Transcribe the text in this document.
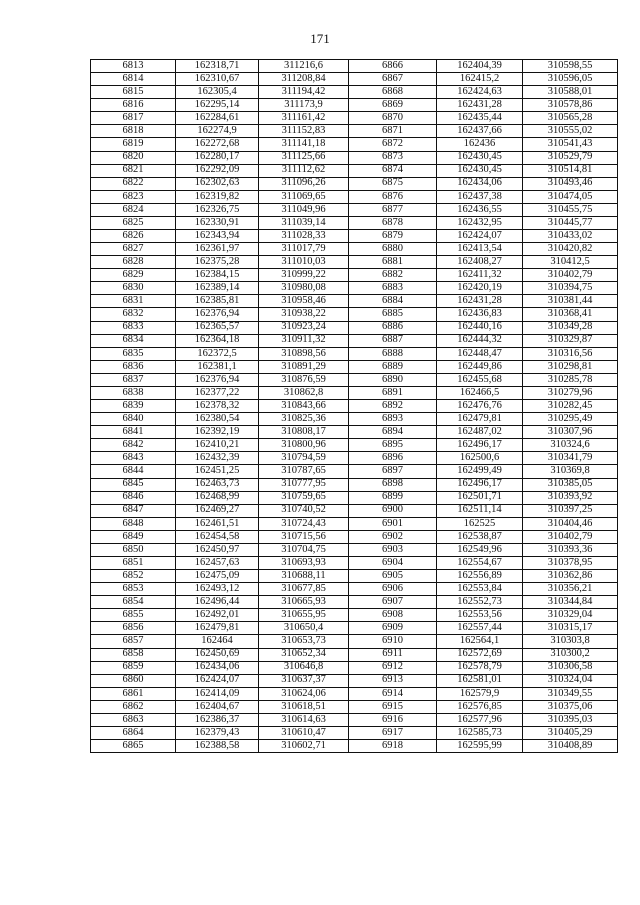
171
6813	162318,71	311216,6	6866	162404,39	310598,55
6814	162310,67	311208,84	6867	162415,2	310596,05
6815	162305,4	311194,42	6868	162424,63	310588,01
6816	162295,14	311173,9	6869	162431,28	310578,86
6817	162284,61	311161,42	6870	162435,44	310565,28
6818	162274,9	311152,83	6871	162437,66	310555,02
6819	162272,68	311141,18	6872	162436	310541,43
6820	162280,17	311125,66	6873	162430,45	310529,79
6821	162292,09	311112,62	6874	162430,45	310514,81
6822	162302,63	311096,26	6875	162434,06	310493,46
6823	162319,82	311069,65	6876	162437,38	310474,05
6824	162326,75	311049,96	6877	162436,55	310455,75
6825	162330,91	311039,14	6878	162432,95	310445,77
6826	162343,94	311028,33	6879	162424,07	310433,02
6827	162361,97	311017,79	6880	162413,54	310420,82
6828	162375,28	311010,03	6881	162408,27	310412,5
6829	162384,15	310999,22	6882	162411,32	310402,79
6830	162389,14	310980,08	6883	162420,19	310394,75
6831	162385,81	310958,46	6884	162431,28	310381,44
6832	162376,94	310938,22	6885	162436,83	310368,41
6833	162365,57	310923,24	6886	162440,16	310349,28
6834	162364,18	310911,32	6887	162444,32	310329,87
6835	162372,5	310898,56	6888	162448,47	310316,56
6836	162381,1	310891,29	6889	162449,86	310298,81
6837	162376,94	310876,59	6890	162455,68	310285,78
6838	162377,22	310862,8	6891	162466,5	310279,96
6839	162378,32	310843,66	6892	162476,76	310282,45
6840	162380,54	310825,36	6893	162479,81	310295,49
6841	162392,19	310808,17	6894	162487,02	310307,96
6842	162410,21	310800,96	6895	162496,17	310324,6
6843	162432,39	310794,59	6896	162500,6	310341,79
6844	162451,25	310787,65	6897	162499,49	310369,8
6845	162463,73	310777,95	6898	162496,17	310385,05
6846	162468,99	310759,65	6899	162501,71	310393,92
6847	162469,27	310740,52	6900	162511,14	310397,25
6848	162461,51	310724,43	6901	162525	310404,46
6849	162454,58	310715,56	6902	162538,87	310402,79
6850	162450,97	310704,75	6903	162549,96	310393,36
6851	162457,63	310693,93	6904	162554,67	310378,95
6852	162475,09	310688,11	6905	162556,89	310362,86
6853	162493,12	310677,85	6906	162553,84	310356,21
6854	162496,44	310665,93	6907	162552,73	310344,84
6855	162492,01	310655,95	6908	162553,56	310329,04
6856	162479,81	310650,4	6909	162557,44	310315,17
6857	162464	310653,73	6910	162564,1	310303,8
6858	162450,69	310652,34	6911	162572,69	310300,2
6859	162434,06	310646,8	6912	162578,79	310306,58
6860	162424,07	310637,37	6913	162581,01	310324,04
6861	162414,09	310624,06	6914	162579,9	310349,55
6862	162404,67	310618,51	6915	162576,85	310375,06
6863	162386,37	310614,63	6916	162577,96	310395,03
6864	162379,43	310610,47	6917	162585,73	310405,29
6865	162388,58	310602,71	6918	162595,99	310408,89
